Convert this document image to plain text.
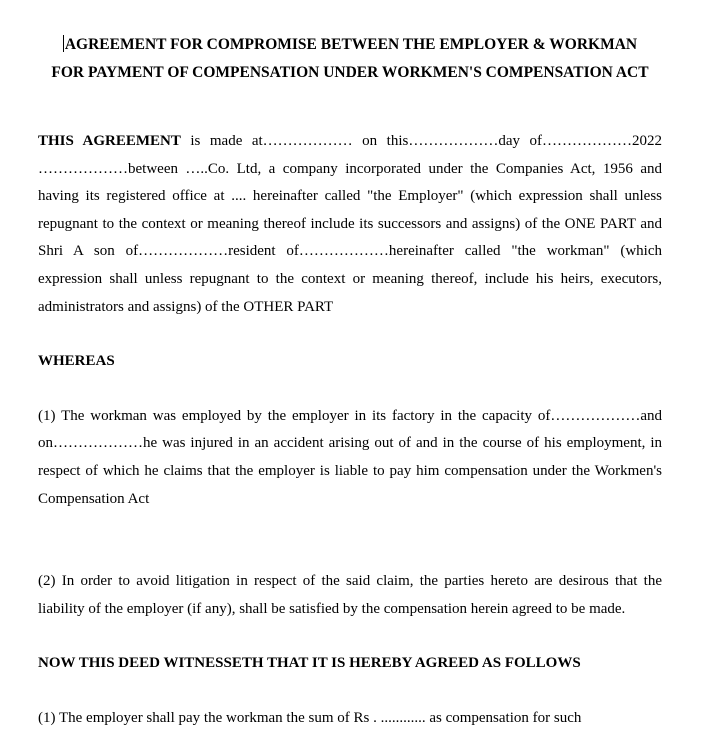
AGREEMENT FOR COMPROMISE BETWEEN THE EMPLOYER & WORKMAN
FOR PAYMENT OF COMPENSATION UNDER WORKMEN'S COMPENSATION ACT

THIS AGREEMENT is made at……………… on this………………day of………………2022 ………………between …..Co. Ltd, a company incorporated under the Companies Act, 1956 and having its registered office at .... hereinafter called "the Employer" (which expression shall unless repugnant to the context or meaning thereof include its successors and assigns) of the ONE PART and Shri A son of………………resident of………………hereinafter called "the workman" (which expression shall unless repugnant to the context or meaning thereof, include his heirs, executors, administrators and assigns) of the OTHER PART

WHEREAS

(1) The workman was employed by the employer in its factory in the capacity of………………and on………………he was injured in an accident arising out of and in the course of his employment, in respect of which he claims that the employer is liable to pay him compensation under the Workmen's Compensation Act

(2) In order to avoid litigation in respect of the said claim, the parties hereto are desirous that the liability of the employer (if any), shall be satisfied by the compensation herein agreed to be made.

NOW THIS DEED WITNESSETH THAT IT IS HEREBY AGREED AS FOLLOWS

(1) The employer shall pay the workman the sum of Rs . ............ as compensation for such
